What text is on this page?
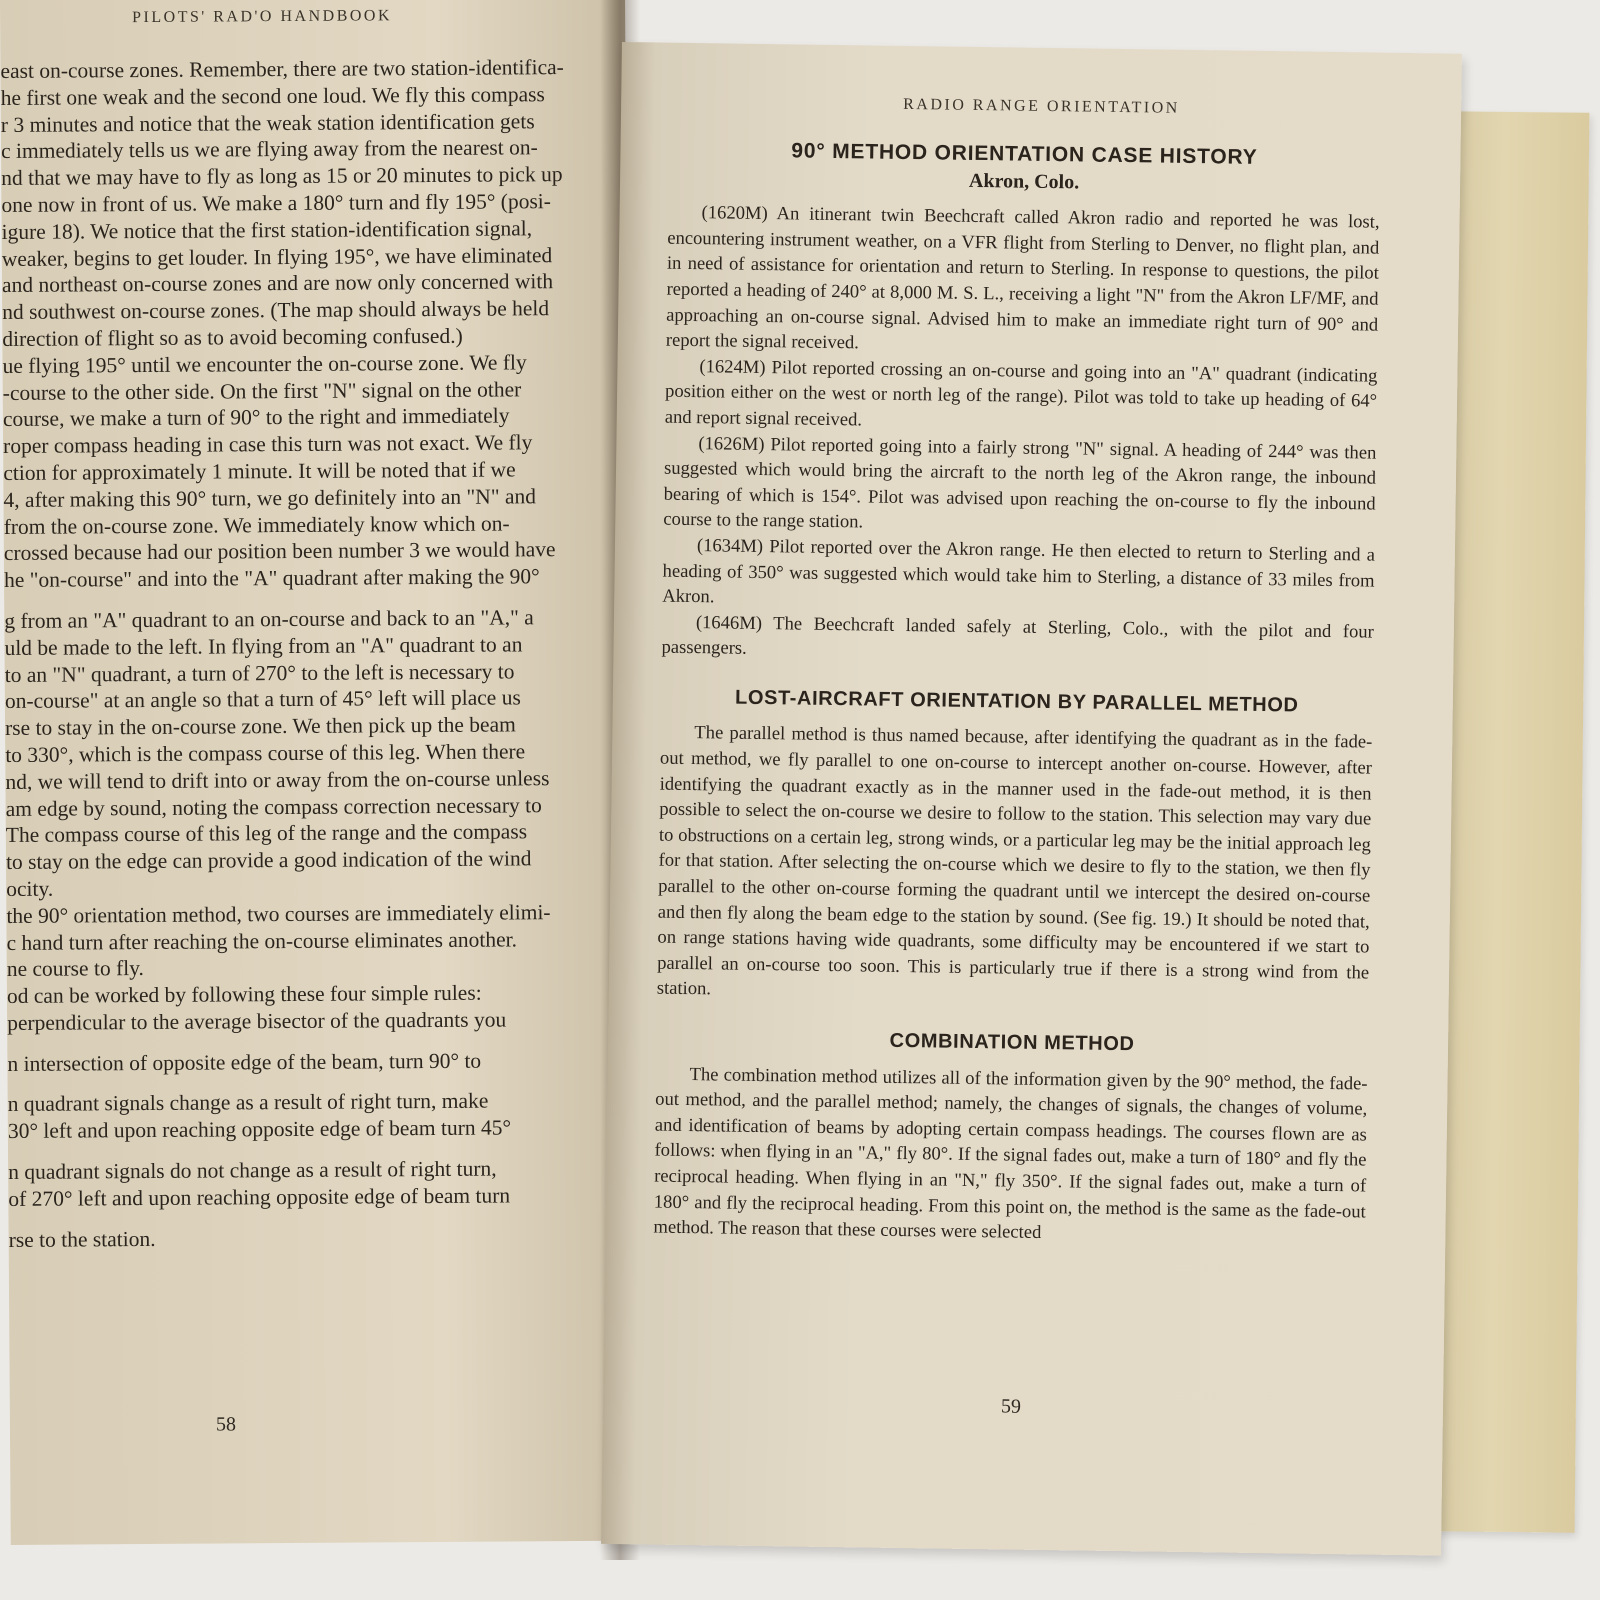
PILOTS' RAD'O HANDBOOK
east on-course zones. Remember, there are two station-identifica-
he first one weak and the second one loud. We fly this compass
r 3 minutes and notice that the weak station identification gets
c immediately tells us we are flying away from the nearest on-
nd that we may have to fly as long as 15 or 20 minutes to pick up
one now in front of us. We make a 180° turn and fly 195° (posi-
igure 18). We notice that the first station-identification signal,
weaker, begins to get louder. In flying 195°, we have eliminated
and northeast on-course zones and are now only concerned with
nd southwest on-course zones. (The map should always be held
direction of flight so as to avoid becoming confused.)
ue flying 195° until we encounter the on-course zone. We fly
-course to the other side. On the first "N" signal on the other
course, we make a turn of 90° to the right and immediately
roper compass heading in case this turn was not exact. We fly
ction for approximately 1 minute. It will be noted that if we
4, after making this 90° turn, we go definitely into an "N" and
from the on-course zone. We immediately know which on-
crossed because had our position been number 3 we would have
he "on-course" and into the "A" quadrant after making the 90°
g from an "A" quadrant to an on-course and back to an "A," a
uld be made to the left. In flying from an "A" quadrant to an
to an "N" quadrant, a turn of 270° to the left is necessary to
on-course" at an angle so that a turn of 45° left will place us
rse to stay in the on-course zone. We then pick up the beam
to 330°, which is the compass course of this leg. When there
nd, we will tend to drift into or away from the on-course unless
am edge by sound, noting the compass correction necessary to
The compass course of this leg of the range and the compass
to stay on the edge can provide a good indication of the wind
ocity.
the 90° orientation method, two courses are immediately elimi-
c hand turn after reaching the on-course eliminates another.
ne course to fly.
od can be worked by following these four simple rules:
perpendicular to the average bisector of the quadrants you
n intersection of opposite edge of the beam, turn 90° to
n quadrant signals change as a result of right turn, make
30° left and upon reaching opposite edge of beam turn 45°
n quadrant signals do not change as a result of right turn,
of 270° left and upon reaching opposite edge of beam turn
rse to the station.
58
RADIO RANGE ORIENTATION
90° METHOD ORIENTATION CASE HISTORY
Akron, Colo.

(1620M) An itinerant twin Beechcraft called Akron radio and reported he was lost, encountering instrument weather, on a VFR flight from Sterling to Denver, no flight plan, and in need of assistance for orientation and return to Sterling. In response to questions, the pilot reported a heading of 240° at 8,000 M. S. L., receiving a light "N" from the Akron LF/MF, and approaching an on-course signal. Advised him to make an immediate right turn of 90° and report the signal received.

(1624M) Pilot reported crossing an on-course and going into an "A" quadrant (indicating position either on the west or north leg of the range). Pilot was told to take up heading of 64° and report signal received.

(1626M) Pilot reported going into a fairly strong "N" signal. A heading of 244° was then suggested which would bring the aircraft to the north leg of the Akron range, the inbound bearing of which is 154°. Pilot was advised upon reaching the on-course to fly the inbound course to the range station.

(1634M) Pilot reported over the Akron range. He then elected to return to Sterling and a heading of 350° was suggested which would take him to Sterling, a distance of 33 miles from Akron.

(1646M) The Beechcraft landed safely at Sterling, Colo., with the pilot and four passengers.

LOST-AIRCRAFT ORIENTATION BY PARALLEL METHOD

The parallel method is thus named because, after identifying the quadrant as in the fade-out method, we fly parallel to one on-course to intercept another on-course. However, after identifying the quadrant exactly as in the manner used in the fade-out method, it is then possible to select the on-course we desire to follow to the station. This selection may vary due to obstructions on a certain leg, strong winds, or a particular leg may be the initial approach leg for that station. After selecting the on-course which we desire to fly to the station, we then fly parallel to the other on-course forming the quadrant until we intercept the desired on-course and then fly along the beam edge to the station by sound. (See fig. 19.) It should be noted that, on range stations having wide quadrants, some difficulty may be encountered if we start to parallel an on-course too soon. This is particularly true if there is a strong wind from the station.

COMBINATION METHOD

The combination method utilizes all of the information given by the 90° method, the fade-out method, and the parallel method; namely, the changes of signals, the changes of volume, and identification of beams by adopting certain compass headings. The courses flown are as follows: when flying in an "A," fly 80°. If the signal fades out, make a turn of 180° and fly the reciprocal heading. When flying in an "N," fly 350°. If the signal fades out, make a turn of 180° and fly the reciprocal heading. From this point on, the method is the same as the fade-out method. The reason that these courses were selected

59
